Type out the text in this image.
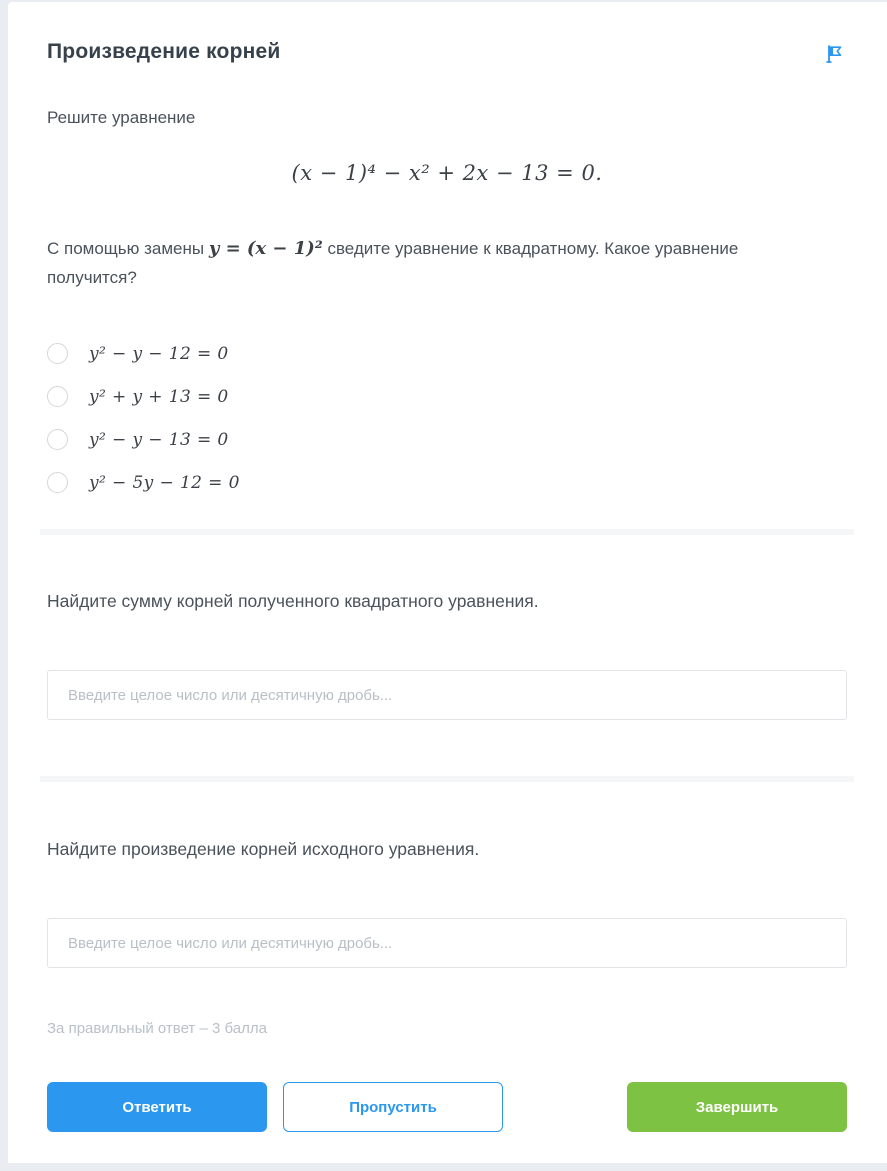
Произведение корней
Решите уравнение
(x − 1)⁴ − x² + 2x − 13 = 0.
С помощью замены y = (x − 1)² сведите уравнение к квадратному. Какое уравнение получится?
y² − y − 12 = 0
y² + y + 13 = 0
y² − y − 13 = 0
y² − 5y − 12 = 0
Найдите сумму корней полученного квадратного уравнения.
Введите целое число или десятичную дробь...
Найдите произведение корней исходного уравнения.
Введите целое число или десятичную дробь...
За правильный ответ – 3 балла
Ответить	Пропустить	Завершить
